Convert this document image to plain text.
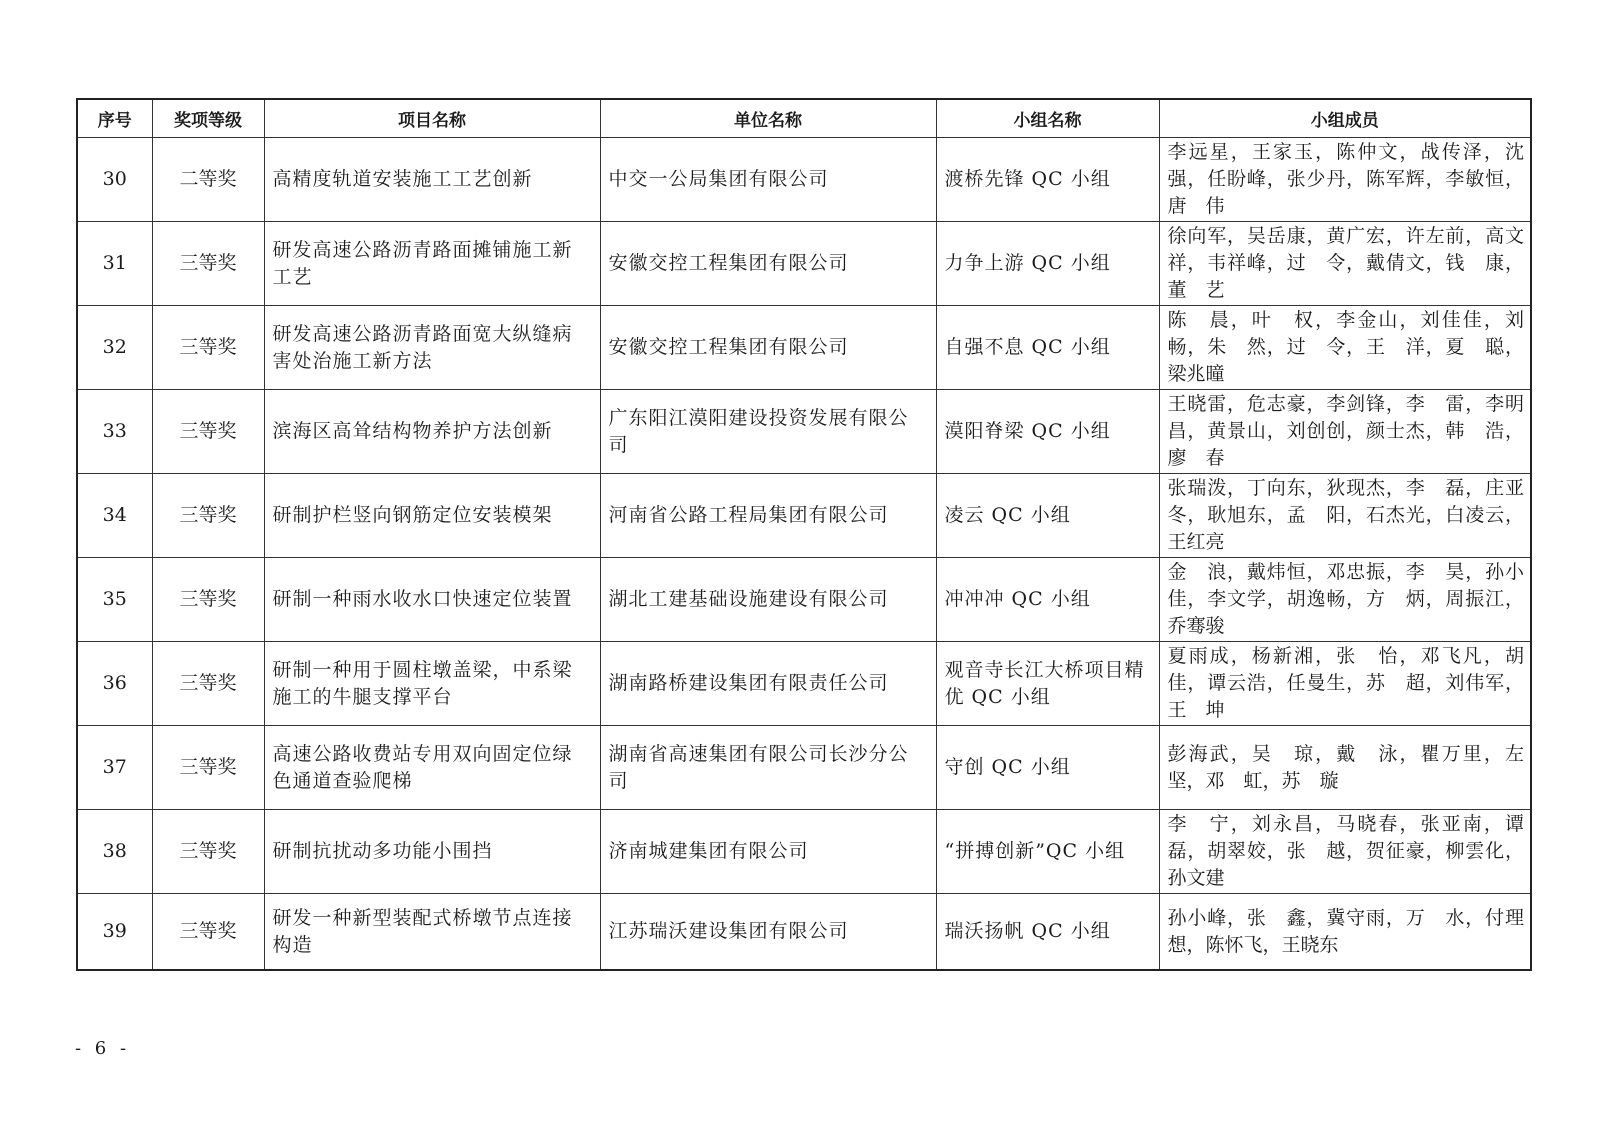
序号	奖项等级	项目名称	单位名称	小组名称	小组成员
30	二等奖	高精度轨道安装施工工艺创新	中交一公局集团有限公司	渡桥先锋 QC 小组	李远星，王家玉，陈仲文，战传泽，沈　强，任盼峰，张少丹，陈军辉，李敏恒，唐　伟
31	三等奖	研发高速公路沥青路面摊铺施工新工艺	安徽交控工程集团有限公司	力争上游 QC 小组	徐向军，吴岳康，黄广宏，许左前，高文祥，韦祥峰，过　令，戴倩文，钱　康，董　艺
32	三等奖	研发高速公路沥青路面宽大纵缝病害处治施工新方法	安徽交控工程集团有限公司	自强不息 QC 小组	陈　晨，叶　权，李金山，刘佳佳，刘　畅，朱　然，过　令，王　洋，夏　聪，梁兆曈
33	三等奖	滨海区高耸结构物养护方法创新	广东阳江漠阳建设投资发展有限公司	漠阳脊梁 QC 小组	王晓雷，危志豪，李剑锋，李　雷，李明昌，黄景山，刘创创，颜士杰，韩　浩，廖　春
34	三等奖	研制护栏竖向钢筋定位安装模架	河南省公路工程局集团有限公司	凌云 QC 小组	张瑞泼，丁向东，狄现杰，李　磊，庄亚冬，耿旭东，孟　阳，石杰光，白凌云，王红亮
35	三等奖	研制一种雨水收水口快速定位装置	湖北工建基础设施建设有限公司	冲冲冲 QC 小组	金　浪，戴炜恒，邓忠振，李　昊，孙小佳，李文学，胡逸畅，方　炳，周振江，乔骞骏
36	三等奖	研制一种用于圆柱墩盖梁，中系梁施工的牛腿支撑平台	湖南路桥建设集团有限责任公司	观音寺长江大桥项目精优 QC 小组	夏雨成，杨新湘，张　怡，邓飞凡，胡　佳，谭云浩，任曼生，苏　超，刘伟军，王　坤
37	三等奖	高速公路收费站专用双向固定位绿色通道查验爬梯	湖南省高速集团有限公司长沙分公司	守创 QC 小组	彭海武，吴　琼，戴　泳，瞿万里，左　坚，邓　虹，苏　璇
38	三等奖	研制抗扰动多功能小围挡	济南城建集团有限公司	“拼搏创新”QC 小组	李　宁，刘永昌，马晓春，张亚南，谭　磊，胡翠姣，张　越，贺征豪，柳雲化，孙文建
39	三等奖	研发一种新型装配式桥墩节点连接构造	江苏瑞沃建设集团有限公司	瑞沃扬帆 QC 小组	孙小峰，张　鑫，冀守雨，万　水，付理想，陈怀飞，王晓东
- 6 -
